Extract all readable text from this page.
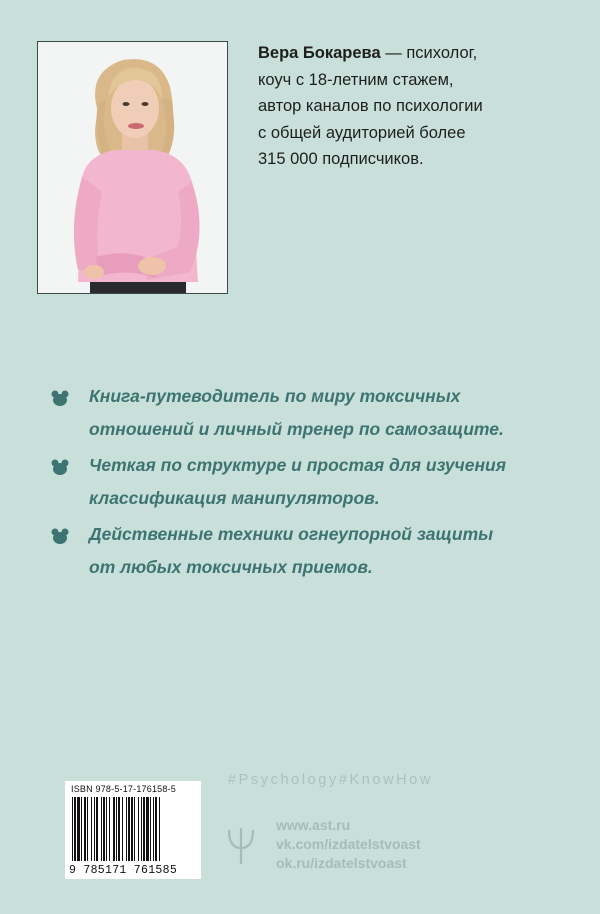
Вера Бокарева — психолог,
коуч с 18-летним стажем,
автор каналов по психологии
с общей аудиторией более
315 000 подписчиков.
Книга-путеводитель по миру токсичных
отношений и личный тренер по самозащите.
Четкая по структуре и простая для изучения
классификация манипуляторов.
Действенные техники огнеупорной защиты
от любых токсичных приемов.
#Psychology#KnowHow
ISBN 978-5-17-176158-5
9 785171 761585
www.ast.ru
vk.com/izdatelstvoast
ok.ru/izdatelstvoast
